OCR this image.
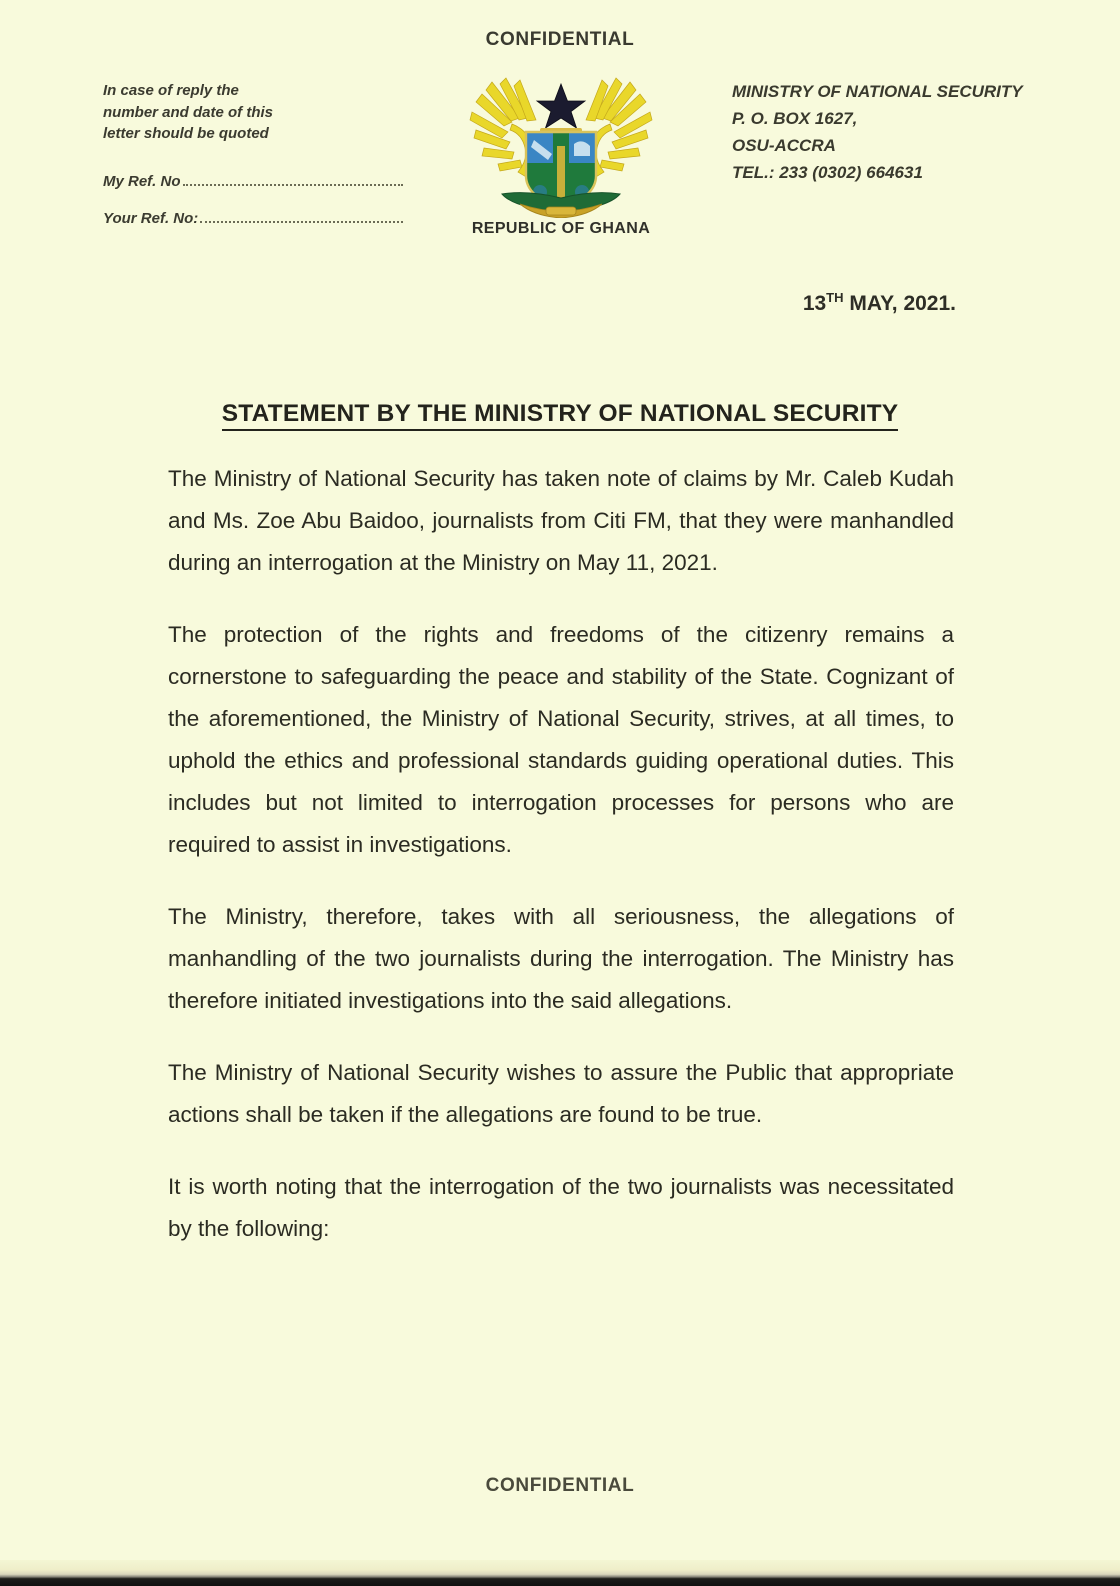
CONFIDENTIAL
In case of reply the
number and date of this
letter should be quoted
My Ref. No
Your Ref. No:
REPUBLIC OF GHANA
MINISTRY OF NATIONAL SECURITY
P. O. BOX 1627,
OSU-ACCRA
TEL.: 233 (0302) 664631
13TH MAY, 2021.
STATEMENT BY THE MINISTRY OF NATIONAL SECURITY

The Ministry of National Security has taken note of claims by Mr. Caleb Kudah and Ms. Zoe Abu Baidoo, journalists from Citi FM, that they were manhandled during an interrogation at the Ministry on May 11, 2021.

The protection of the rights and freedoms of the citizenry remains a cornerstone to safeguarding the peace and stability of the State. Cognizant of the aforementioned, the Ministry of National Security, strives, at all times, to uphold the ethics and professional standards guiding operational duties. This includes but not limited to interrogation processes for persons who are required to assist in investigations.

The Ministry, therefore, takes with all seriousness, the allegations of manhandling of the two journalists during the interrogation. The Ministry has therefore initiated investigations into the said allegations.

The Ministry of National Security wishes to assure the Public that appropriate actions shall be taken if the allegations are found to be true.

It is worth noting that the interrogation of the two journalists was necessitated by the following:

CONFIDENTIAL
